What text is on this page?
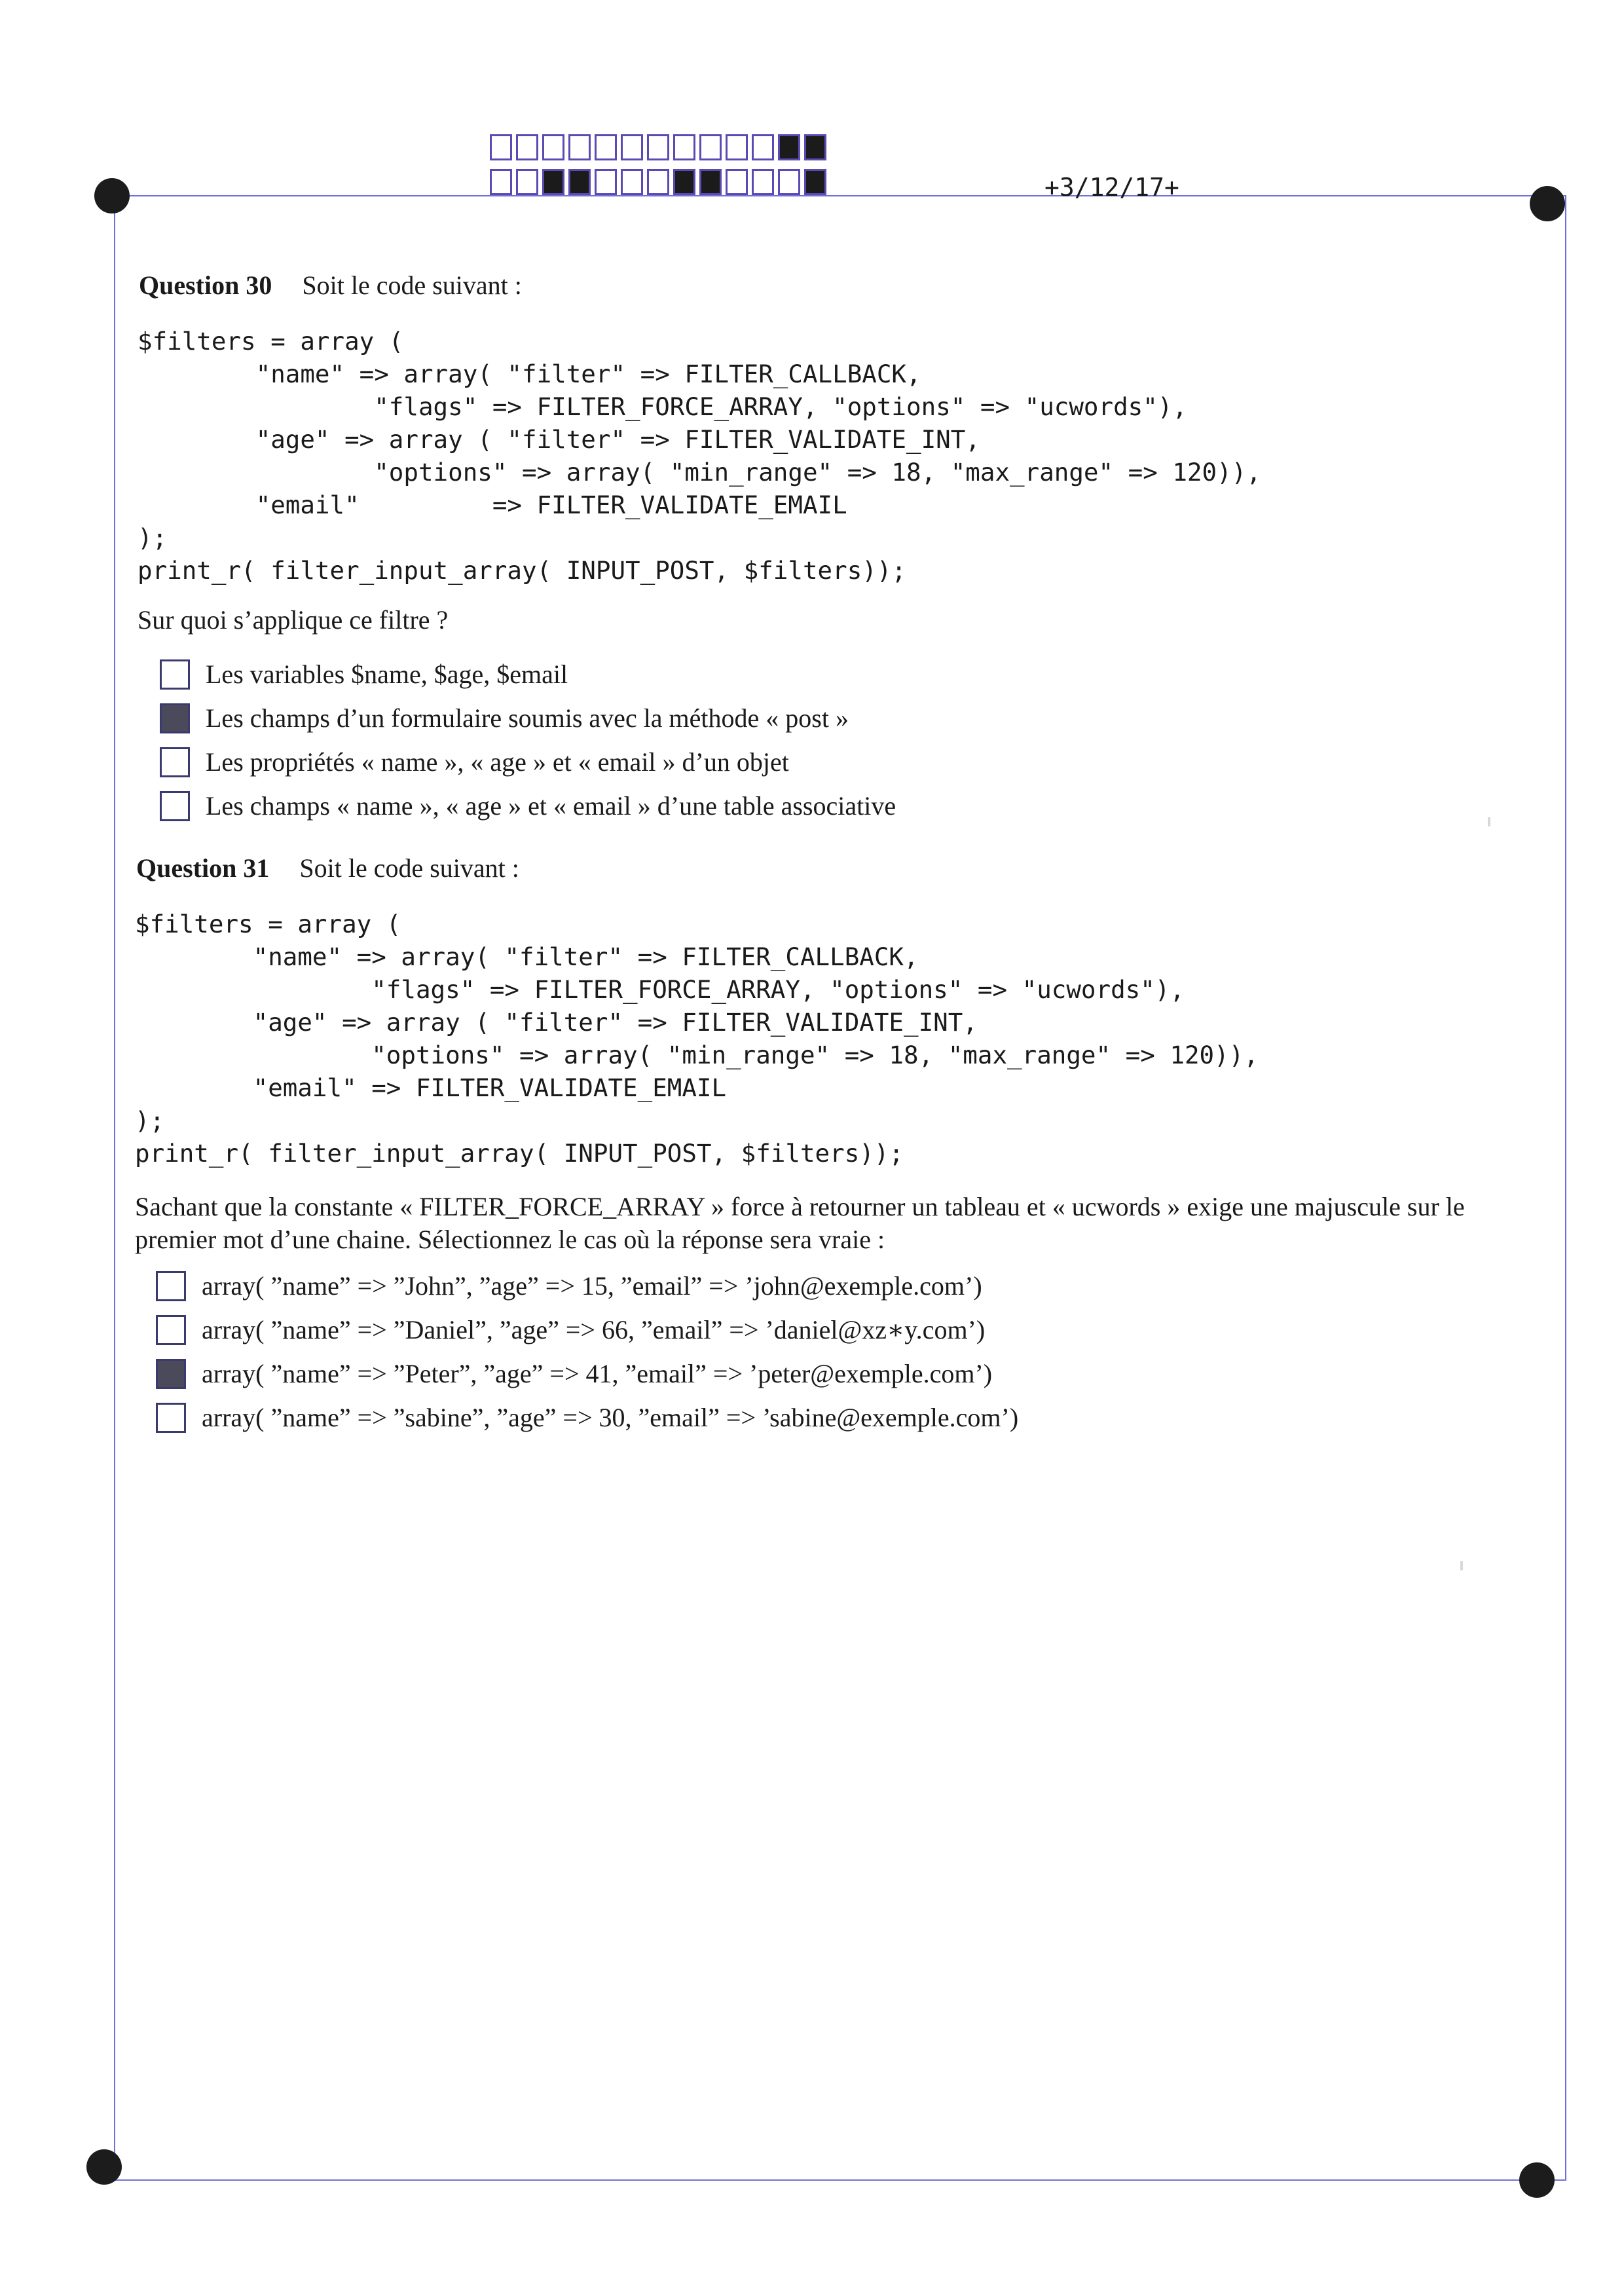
+3/12/17+
Question 30 Soit le code suivant :
$filters = array (
"name" => array( "filter" => FILTER_CALLBACK,
"flags" => FILTER_FORCE_ARRAY, "options" => "ucwords"),
"age" => array ( "filter" => FILTER_VALIDATE_INT,
"options" => array( "min_range" => 18, "max_range" => 120)),
"email"         => FILTER_VALIDATE_EMAIL
);
print_r( filter_input_array( INPUT_POST, $filters));
Sur quoi s’applique ce filtre ?
Les variables $name, $age, $email
Les champs d’un formulaire soumis avec la méthode « post »
Les propriétés « name », « age » et « email » d’un objet
Les champs « name », « age » et « email » d’une table associative
Question 31 Soit le code suivant :
$filters = array (
"name" => array( "filter" => FILTER_CALLBACK,
"flags" => FILTER_FORCE_ARRAY, "options" => "ucwords"),
"age" => array ( "filter" => FILTER_VALIDATE_INT,
"options" => array( "min_range" => 18, "max_range" => 120)),
"email" => FILTER_VALIDATE_EMAIL
);
print_r( filter_input_array( INPUT_POST, $filters));
Sachant que la constante « FILTER_FORCE_ARRAY » force à retourner un tableau et « ucwords » exige une majuscule sur le premier mot d’une chaine. Sélectionnez le cas où la réponse sera vraie :
array( ”name” => ”John”, ”age” => 15, ”email” => ’john@exemple.com’)
array( ”name” => ”Daniel”, ”age” => 66, ”email” => ’daniel@xz∗y.com’)
array( ”name” => ”Peter”, ”age” => 41, ”email” => ’peter@exemple.com’)
array( ”name” => ”sabine”, ”age” => 30, ”email” => ’sabine@exemple.com’)
